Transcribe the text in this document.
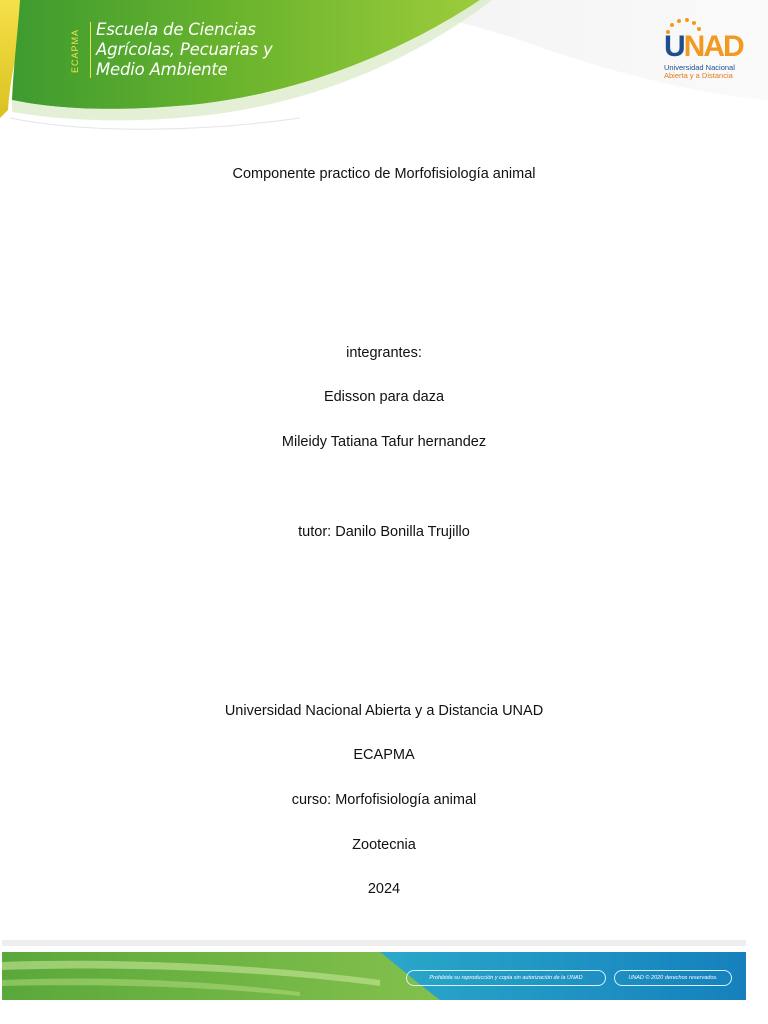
ECAPMA Escuela de Ciencias
Agrícolas, Pecuarias y
Medio Ambiente
UNAD
Universidad Nacional
Abierta y a Distancia
Componente practico de Morfofisiología animal
integrantes:
Edisson para daza
Mileidy Tatiana Tafur hernandez
tutor: Danilo Bonilla Trujillo
Universidad Nacional Abierta y a Distancia UNAD
ECAPMA
curso: Morfofisiología animal
Zootecnia
2024
Prohibida su reproducción y copia sin autorización de la UNAD	UNAD © 2020 derechos reservados.
